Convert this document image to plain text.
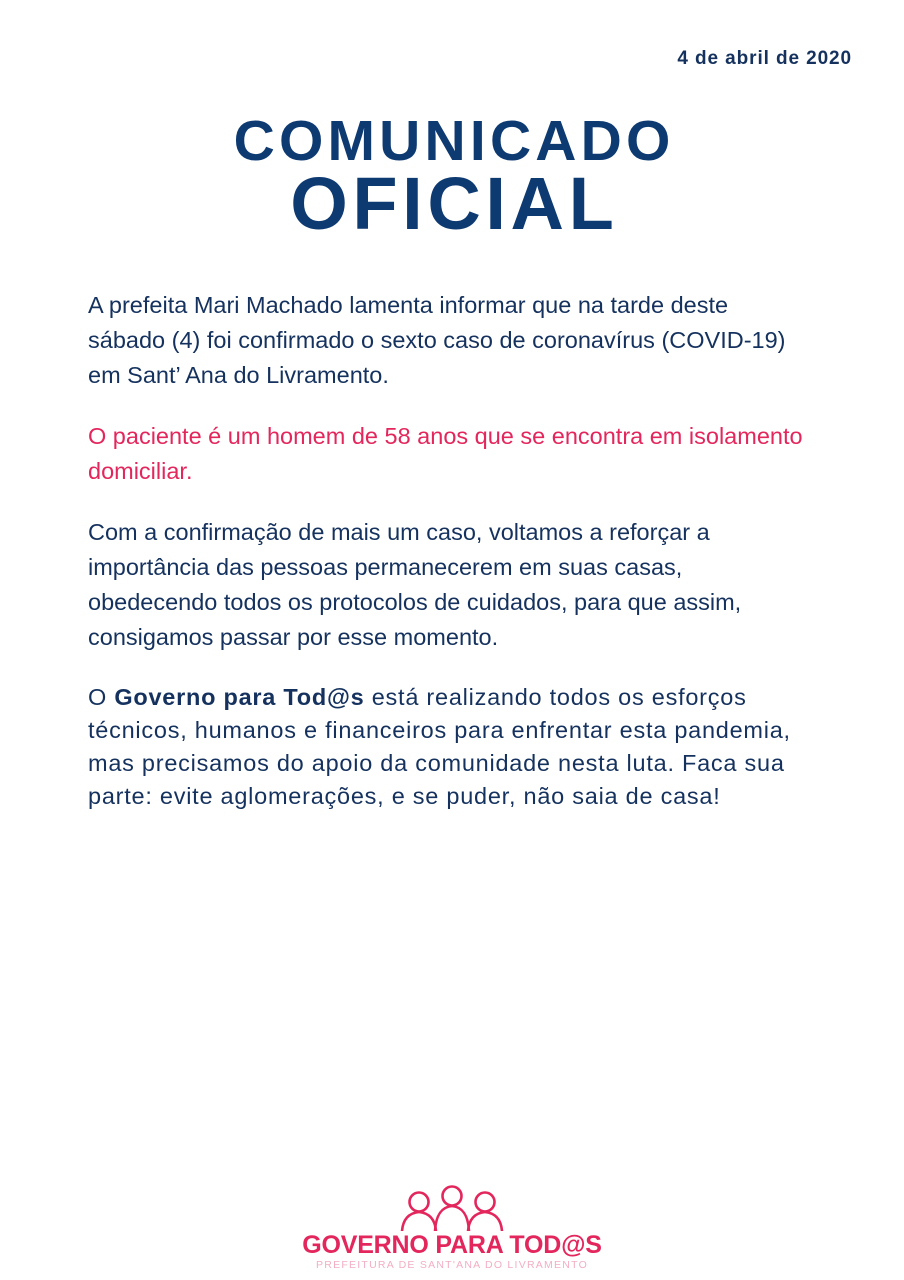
4 de abril de 2020
COMUNICADO
OFICIAL

A prefeita Mari Machado lamenta informar que na tarde deste sábado (4) foi confirmado o sexto caso de coronavírus (COVID-19) em Sant’ Ana do Livramento.

O paciente é um homem de 58 anos que se encontra em isolamento domiciliar.

Com a confirmação de mais um caso, voltamos a reforçar a importância das pessoas permanecerem em suas casas, obedecendo todos os protocolos de cuidados, para que assim, consigamos passar por esse momento.

O Governo para Tod@s está realizando todos os esforços técnicos, humanos e financeiros para enfrentar esta pandemia, mas precisamos do apoio da comunidade nesta luta. Faca sua parte: evite aglomerações, e se puder, não saia de casa!

GOVERNO PARA TOD@S
PREFEITURA DE SANT'ANA DO LIVRAMENTO
